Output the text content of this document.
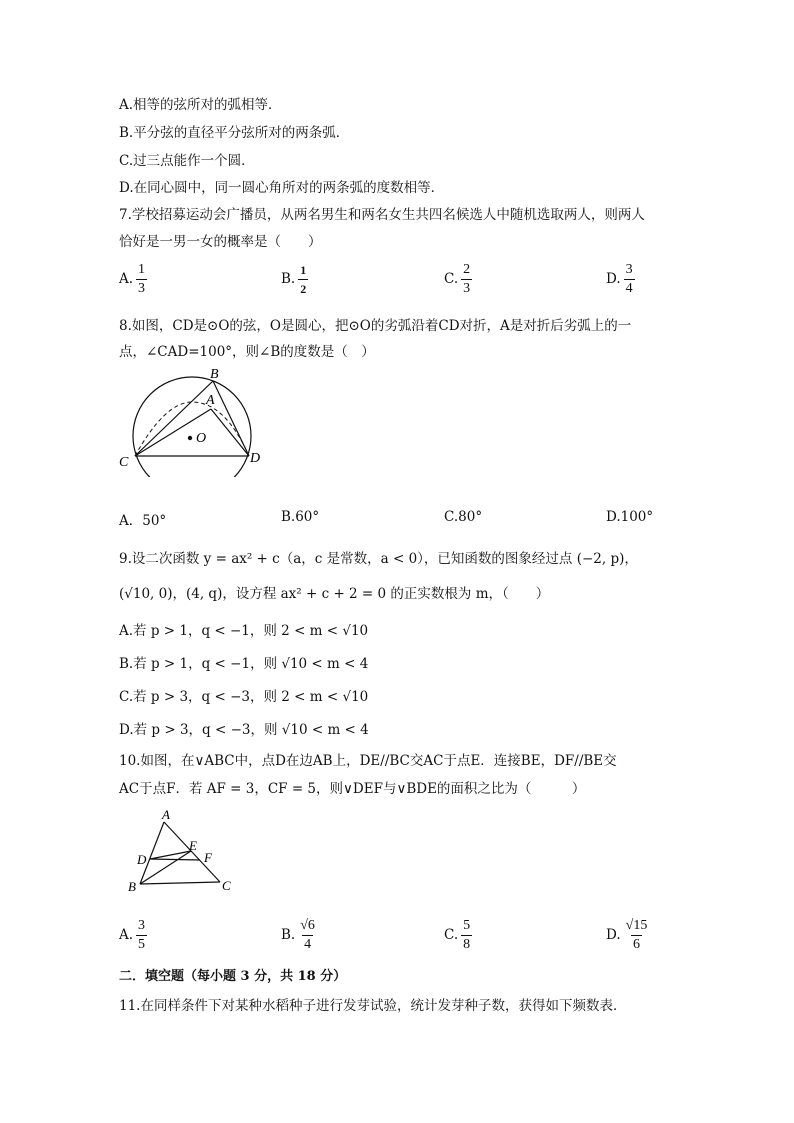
A.相等的弦所对的弧相等．
B.平分弦的直径平分弦所对的两条弧．
C.过三点能作一个圆．
D.在同心圆中，同一圆心角所对的两条弧的度数相等．
7.学校招募运动会广播员，从两名男生和两名女生共四名候选人中随机选取两人，则两人
恰好是一男一女的概率是（　　）
A. $\frac{1}{3}$	B. $\frac{1}{2}$	C. $\frac{2}{3}$	D. $\frac{3}{4}$
8.如图，CD是⊙O的弦，O是圆心，把⊙O的劣弧沿着CD对折，A是对折后劣弧上的一
点，∠CAD=100°，则∠B的度数是（　）
B
A
O
C	D
A．50°	B.60°	C.80°	D.100°
9.设二次函数 y = ax² + c（a，c 是常数，a < 0），已知函数的图象经过点 (−2, p)，
(√10, 0)，(4, q)，设方程 ax² + c + 2 = 0 的正实数根为 m，（　　）
A.若 p > 1，q < −1，则 2 < m < √10
B.若 p > 1，q < −1，则 √10 < m < 4
C.若 p > 3，q < −3，则 2 < m < √10
D.若 p > 3，q < −3，则 √10 < m < 4
10.如图，在∨ABC中，点D在边AB上，DE//BC交AC于点E．连接BE，DF//BE交
AC于点F．若 AF = 3，CF = 5，则∨DEF与∨BDE的面积之比为（　　　）
A
E
D	F
B	C
A. $\frac{3}{5}$	B. $\frac{√6}{4}$	C. $\frac{5}{8}$	D. $\frac{√15}{6}$
二．填空题（每小题 3 分，共 18 分）
11.在同样条件下对某种水稻种子进行发芽试验，统计发芽种子数，获得如下频数表．
